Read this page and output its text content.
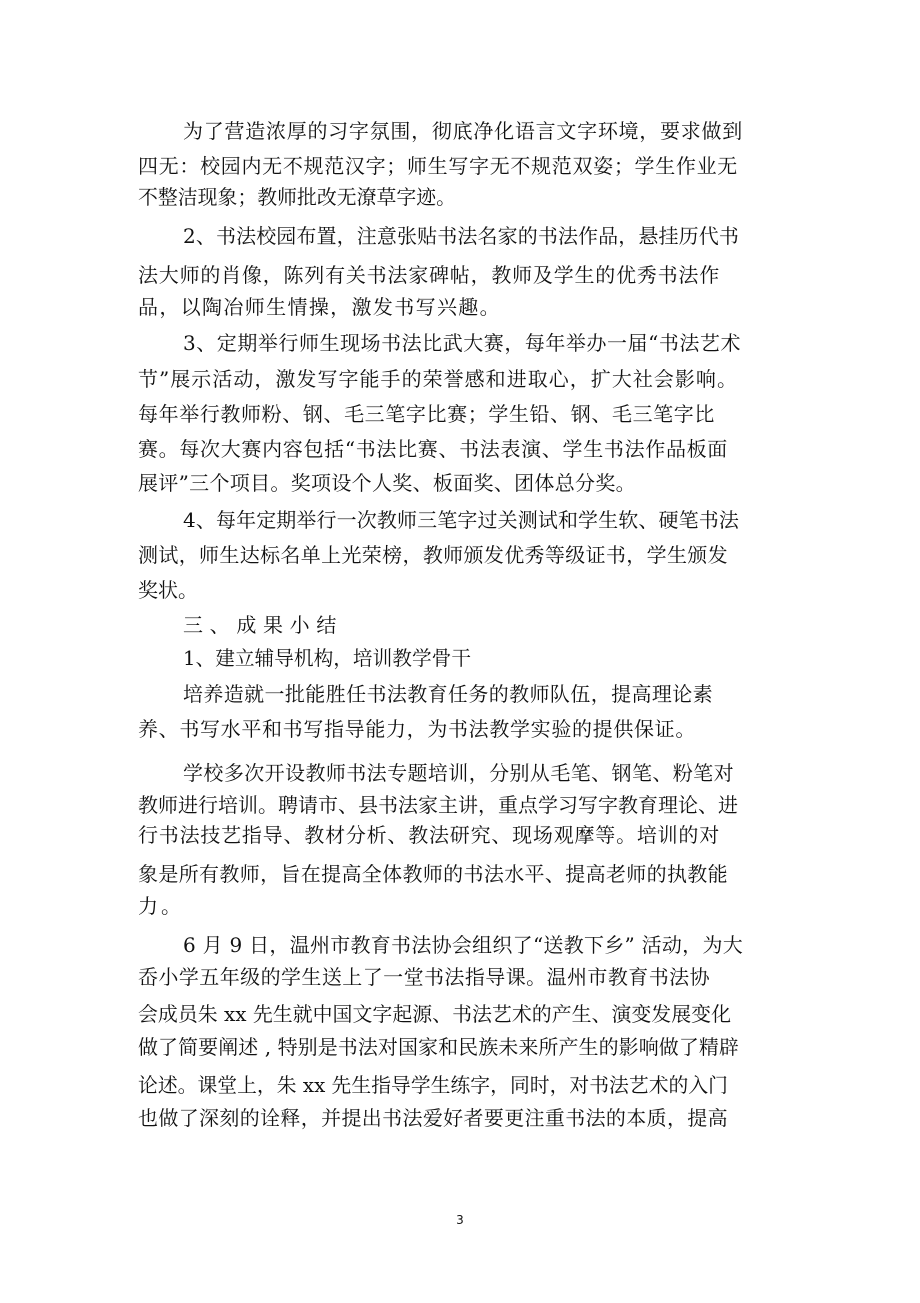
为了营造浓厚的习字氛围，彻底净化语言文字环境，要求做到

四无：校园内无不规范汉字；师生写字无不规范双姿；学生作业无

不整洁现象；教师批改无潦草字迹。

2、书法校园布置，注意张贴书法名家的书法作品，悬挂历代书

法大师的肖像，陈列有关书法家碑帖，教师及学生的优秀书法作

品，以陶冶师生情操，激发书写兴趣。

3、定期举行师生现场书法比武大赛，每年举办一届“书法艺术

节”展示活动，激发写字能手的荣誉感和进取心，扩大社会影响。

每年举行教师粉、钢、毛三笔字比赛；学生铅、钢、毛三笔字比

赛。每次大赛内容包括“书法比赛、书法表演、学生书法作品板面

展评”三个项目。奖项设个人奖、板面奖、团体总分奖。

4、每年定期举行一次教师三笔字过关测试和学生软、硬笔书法

测试，师生达标名单上光荣榜，教师颁发优秀等级证书，学生颁发

奖状。

三、成果小结

1、建立辅导机构，培训教学骨干

培养造就一批能胜任书法教育任务的教师队伍，提高理论素

养、书写水平和书写指导能力，为书法教学实验的提供保证。

学校多次开设教师书法专题培训，分别从毛笔、钢笔、粉笔对

教师进行培训。聘请市、县书法家主讲，重点学习写字教育理论、进

行书法技艺指导、教材分析、教法研究、现场观摩等。培训的对

象是所有教师，旨在提高全体教师的书法水平、提高老师的执教能

力。

6 月 9 日，温州市教育书法协会组织了“送教下乡” 活动，为大

岙小学五年级的学生送上了一堂书法指导课。温州市教育书法协

会成员朱 xx 先生就中国文字起源、书法艺术的产生、演变发展变化

做了简要阐述 , 特别是书法对国家和民族未来所产生的影响做了精辟

论述。课堂上，朱 xx 先生指导学生练字，同时，对书法艺术的入门

也做了深刻的诠释，并提出书法爱好者要更注重书法的本质，提高

3
